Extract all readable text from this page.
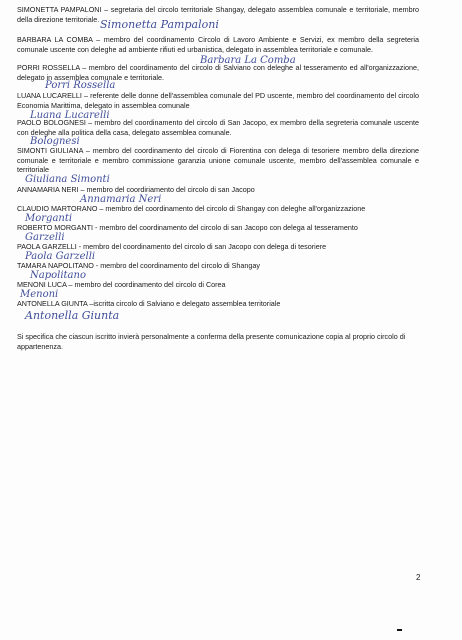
SIMONETTA PAMPALONI – segretaria del circolo territoriale Shangay, delegato assemblea comunale e territoriale, membro della direzione territoriale. Simonetta Pampaloni
BARBARA LA COMBA – membro del coordinamento Circolo di Lavoro Ambiente e Servizi, ex membro della segreteria comunale uscente con deleghe ad ambiente rifiuti ed urbanistica, delegato in assemblea territoriale e comunale.
Barbara La Comba
PORRI ROSSELLA – membro del coordinamento del circolo di Salviano con deleghe al tesseramento ed all'organizzazione, delegato in assemblea comunale e territoriale.
Porri Rossella
LUANA LUCARELLI – referente delle donne dell'assemblea comunale del PD uscente, membro del coordinamento del circolo Economia Marittima, delegato in assemblea comunale
Luana Lucarelli
PAOLO BOLOGNESI – membro del coordinamento del circolo di San Jacopo, ex membro della segreteria comunale uscente con deleghe alla politica della casa, delegato assemblea comunale.
Bolognesi
SIMONTI GIULIANA – membro del coordinamento del circolo di Fiorentina con delega di tesoriere membro della direzione comunale e territoriale e membro commissione garanzia unione comunale uscente, membro dell'assemblea comunale e territoriale
Giuliana Simonti
ANNAMARIA NERI – membro del coordiriamento del circolo di san Jacopo
Annamaria Neri
CLAUDIO MARTORANO – membro del coordinamento del circolo di Shangay con deleghe all'organizzazione
Morganti
ROBERTO MORGANTI - membro del coordinamento del circolo di san Jacopo con delega al tesseramento
Garzelli
PAOLA GARZELLI - membro del coordinamento del circolo di san Jacopo con delega di tesoriere
Paola Garzelli
TAMARA NAPOLITANO - membro del coordinamento del circolo di Shangay
Napolitano
MENONI LUCA – membro del coordinamento del circolo di Corea
Menoni
ANTONELLA GIUNTA –iscritta circolo di Salviano e delegato assemblea territoriale
Antonella Giunta
Si specifica che ciascun iscritto invierà personalmente a conferma della presente comunicazione copia al proprio circolo di appartenenza.
2
